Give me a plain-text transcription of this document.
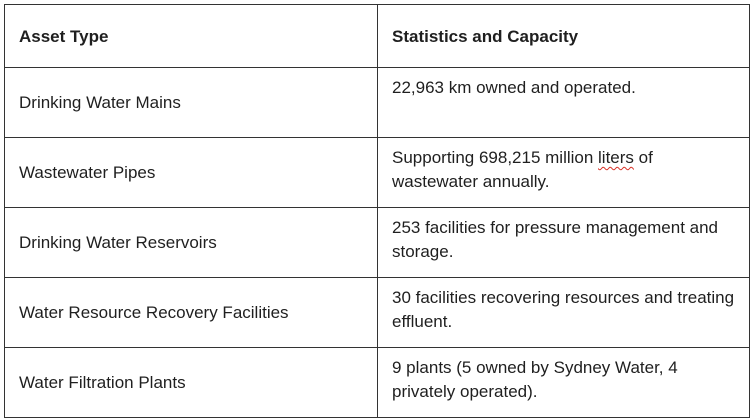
Asset Type	Statistics and Capacity
Drinking Water Mains	22,963 km owned and operated.
Wastewater Pipes	Supporting 698,215 million liters of wastewater annually.
Drinking Water Reservoirs	253 facilities for pressure management and storage.
Water Resource Recovery Facilities	30 facilities recovering resources and treating effluent.
Water Filtration Plants	9 plants (5 owned by Sydney Water, 4 privately operated).
